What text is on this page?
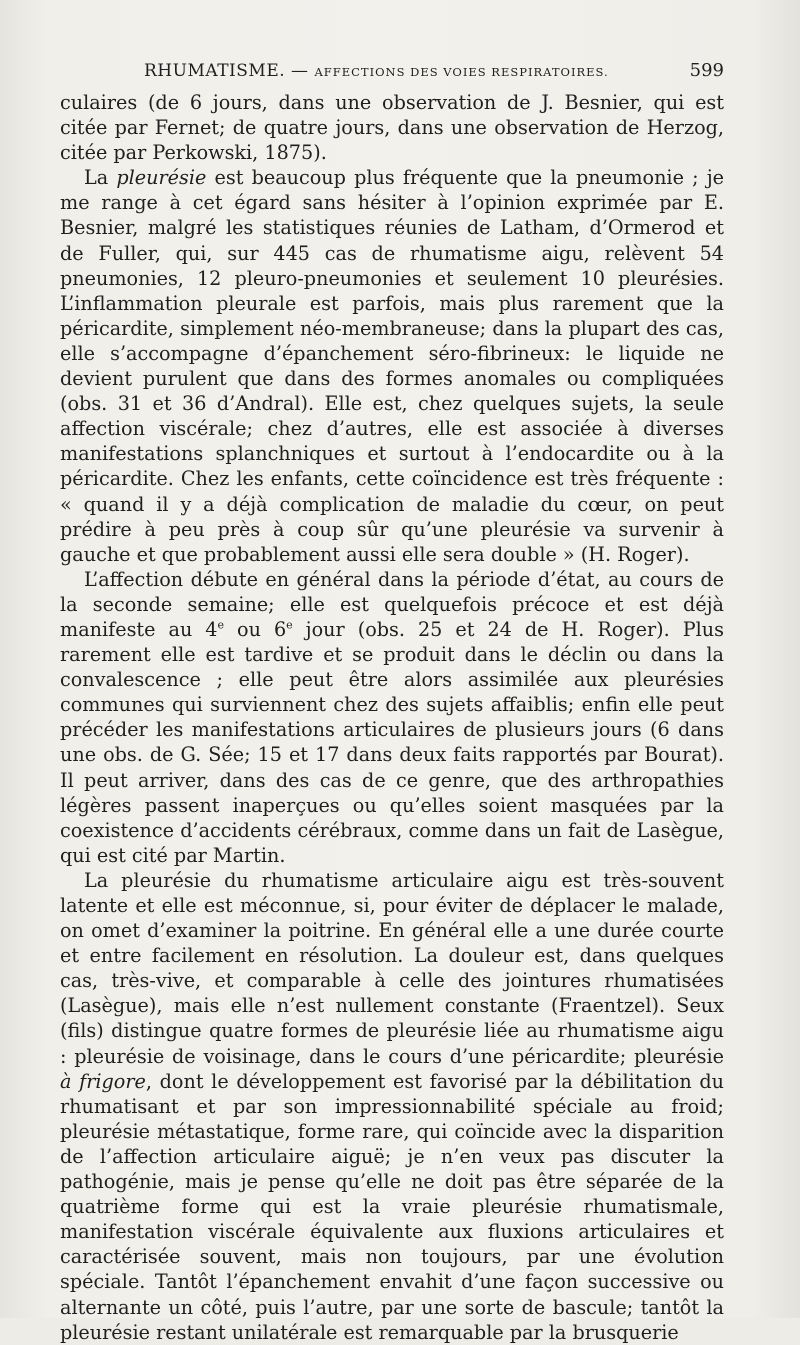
RHUMATISME. — AFFECTIONS DES VOIES RESPIRATOIRES.	599

culaires (de 6 jours, dans une observation de J. Besnier, qui est citée par Fernet; de quatre jours, dans une observation de Herzog, citée par Perkowski, 1875).

La pleurésie est beaucoup plus fréquente que la pneumonie ; je me range à cet égard sans hésiter à l’opinion exprimée par E. Besnier, malgré les statistiques réunies de Latham, d’Ormerod et de Fuller, qui, sur 445 cas de rhumatisme aigu, relèvent 54 pneumonies, 12 pleuro-pneumonies et seulement 10 pleurésies. L’inflammation pleurale est parfois, mais plus rarement que la péricardite, simplement néo-membraneuse; dans la plupart des cas, elle s’accompagne d’épanchement séro-fibrineux: le liquide ne devient purulent que dans des formes anomales ou compliquées (obs. 31 et 36 d’Andral). Elle est, chez quelques sujets, la seule affection viscérale; chez d’autres, elle est associée à diverses manifestations splanchniques et surtout à l’endocardite ou à la péricardite. Chez les enfants, cette coïncidence est très fréquente : « quand il y a déjà complication de maladie du cœur, on peut prédire à peu près à coup sûr qu’une pleurésie va survenir à gauche et que probablement aussi elle sera double » (H. Roger).

L’affection débute en général dans la période d’état, au cours de la seconde semaine; elle est quelquefois précoce et est déjà manifeste au 4e ou 6e jour (obs. 25 et 24 de H. Roger). Plus rarement elle est tardive et se produit dans le déclin ou dans la convalescence ; elle peut être alors assimilée aux pleurésies communes qui surviennent chez des sujets affaiblis; enfin elle peut précéder les manifestations articulaires de plusieurs jours (6 dans une obs. de G. Sée; 15 et 17 dans deux faits rapportés par Bourat). Il peut arriver, dans des cas de ce genre, que des arthropathies légères passent inaperçues ou qu’elles soient masquées par la coexistence d’accidents cérébraux, comme dans un fait de Lasègue, qui est cité par Martin.

La pleurésie du rhumatisme articulaire aigu est très-souvent latente et elle est méconnue, si, pour éviter de déplacer le malade, on omet d’examiner la poitrine. En général elle a une durée courte et entre facilement en résolution. La douleur est, dans quelques cas, très-vive, et comparable à celle des jointures rhumatisées (Lasègue), mais elle n’est nullement constante (Fraentzel). Seux (fils) distingue quatre formes de pleurésie liée au rhumatisme aigu : pleurésie de voisinage, dans le cours d’une péricardite; pleurésie à frigore, dont le développement est favorisé par la débilitation du rhumatisant et par son impressionnabilité spéciale au froid; pleurésie métastatique, forme rare, qui coïncide avec la disparition de l’affection articulaire aiguë; je n’en veux pas discuter la pathogénie, mais je pense qu’elle ne doit pas être séparée de la quatrième forme qui est la vraie pleurésie rhumatismale, manifestation viscérale équivalente aux fluxions articulaires et caractérisée souvent, mais non toujours, par une évolution spéciale. Tantôt l’épanchement envahit d’une façon successive ou alternante un côté, puis l’autre, par une sorte de bascule; tantôt la pleurésie restant unilatérale est remarquable par la brusquerie
